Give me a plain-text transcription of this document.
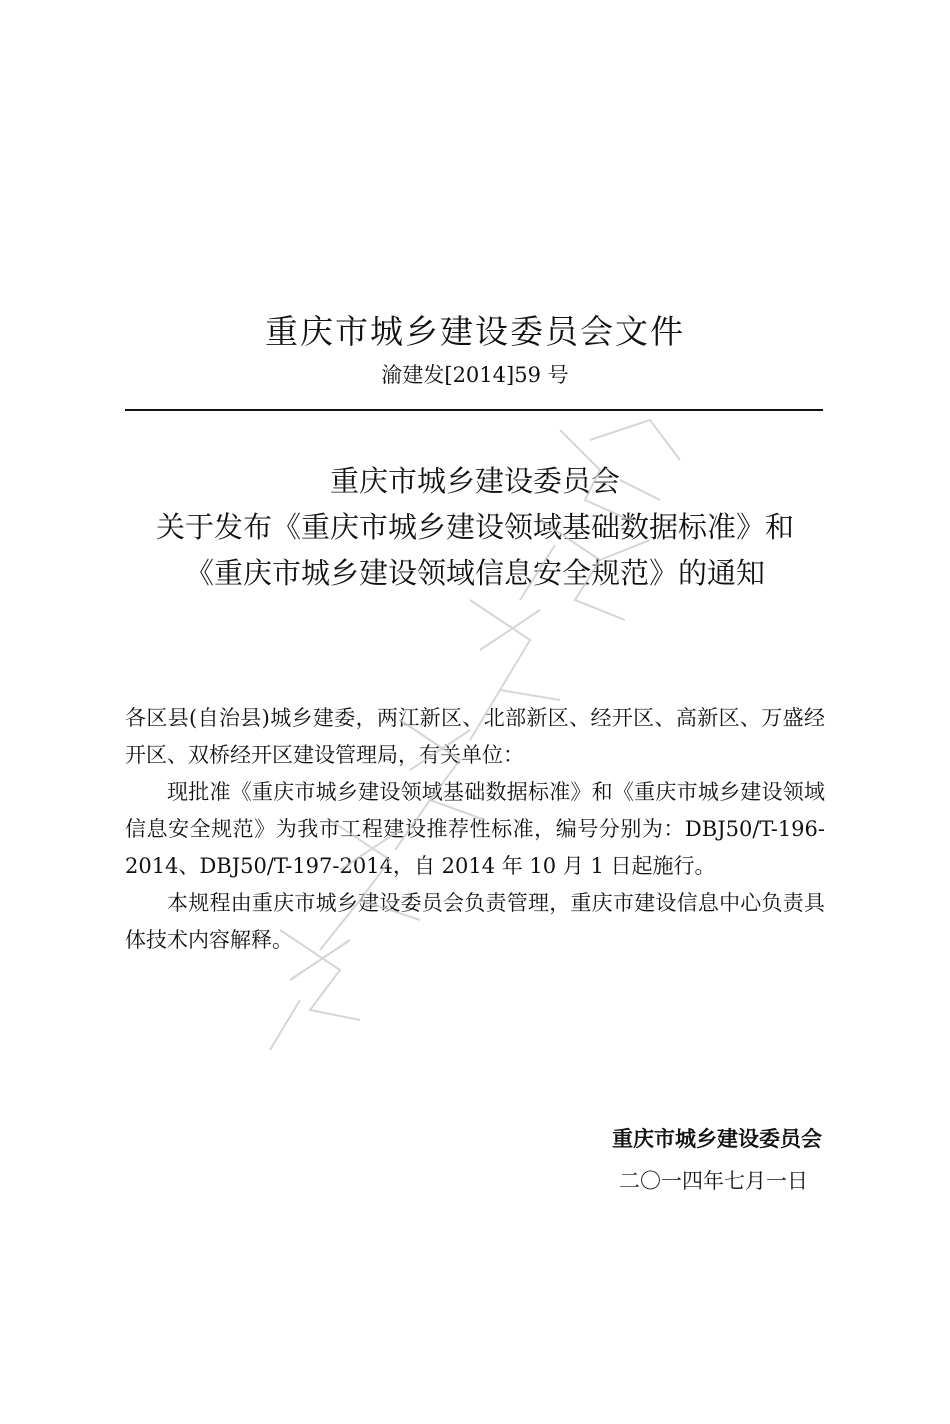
重庆市城乡建设委员会文件
渝建发[2014]59 号
重庆市城乡建设委员会
关于发布《重庆市城乡建设领域基础数据标准》和
《重庆市城乡建设领域信息安全规范》的通知

各区县(自治县)城乡建委，两江新区、北部新区、经开区、高新区、万盛经开区、双桥经开区建设管理局，有关单位：

现批准《重庆市城乡建设领域基础数据标准》和《重庆市城乡建设领域信息安全规范》为我市工程建设推荐性标准，编号分别为：DBJ50/T-196-2014、DBJ50/T-197-2014，自 2014 年 10 月 1 日起施行。

本规程由重庆市城乡建设委员会负责管理，重庆市建设信息中心负责具体技术内容解释。

重庆市城乡建设委员会
二〇一四年七月一日
